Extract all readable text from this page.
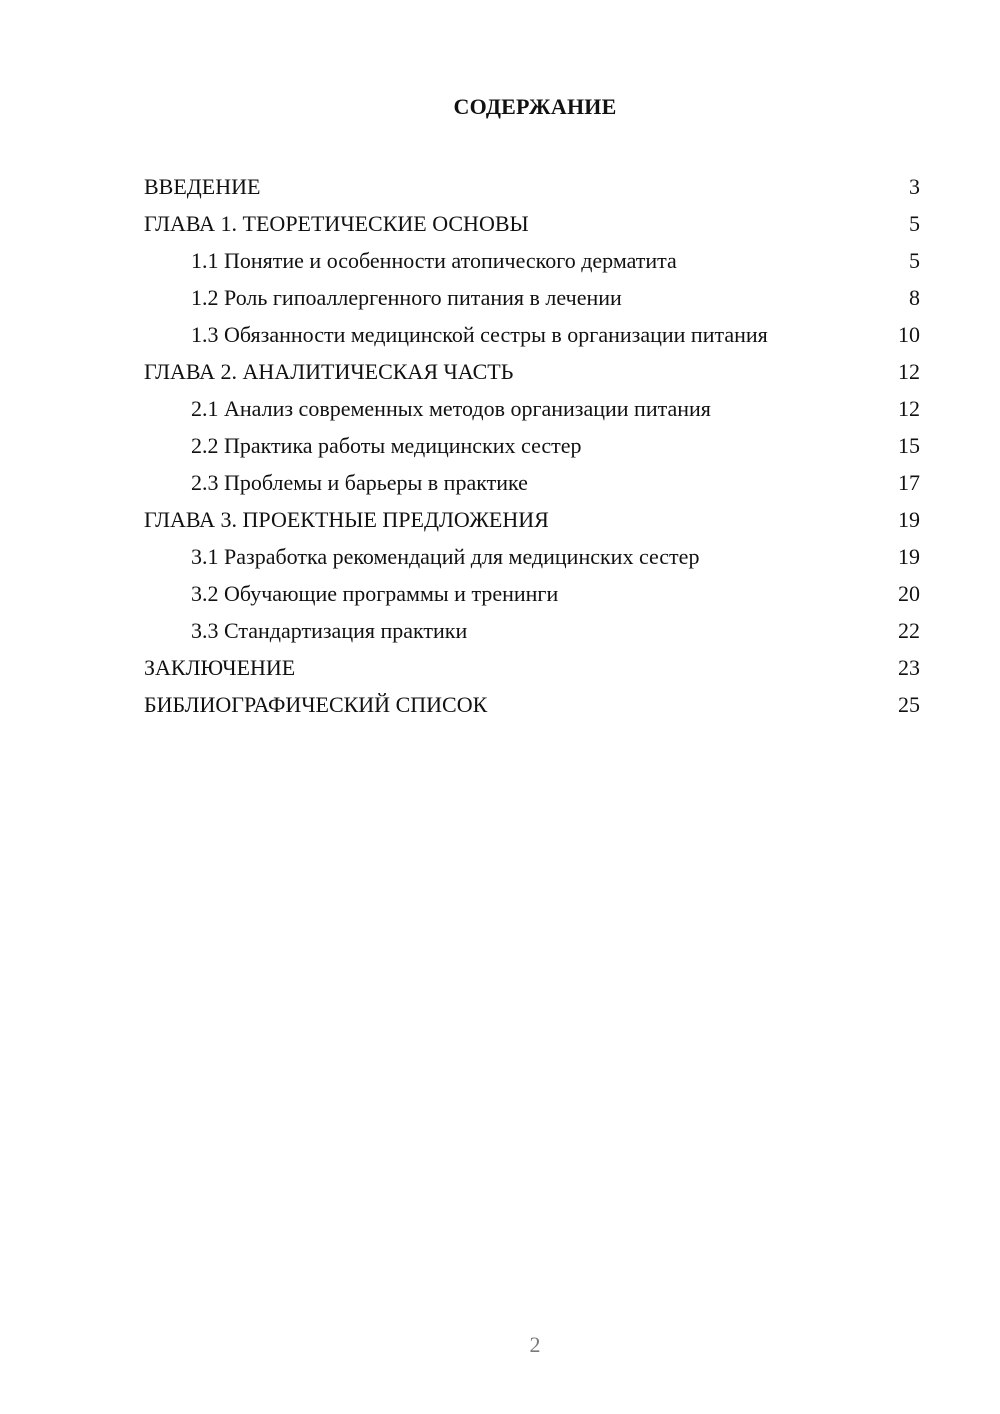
СОДЕРЖАНИЕ
ВВЕДЕНИЕ	3
ГЛАВА 1. ТЕОРЕТИЧЕСКИЕ ОСНОВЫ	5
1.1 Понятие и особенности атопического дерматита	5
1.2 Роль гипоаллергенного питания в лечении	8
1.3 Обязанности медицинской сестры в организации питания	10
ГЛАВА 2. АНАЛИТИЧЕСКАЯ ЧАСТЬ	12
2.1 Анализ современных методов организации питания	12
2.2 Практика работы медицинских сестер	15
2.3 Проблемы и барьеры в практике	17
ГЛАВА 3. ПРОЕКТНЫЕ ПРЕДЛОЖЕНИЯ	19
3.1 Разработка рекомендаций для медицинских сестер	19
3.2 Обучающие программы и тренинги	20
3.3 Стандартизация практики	22
ЗАКЛЮЧЕНИЕ	23
БИБЛИОГРАФИЧЕСКИЙ СПИСОК	25
2
